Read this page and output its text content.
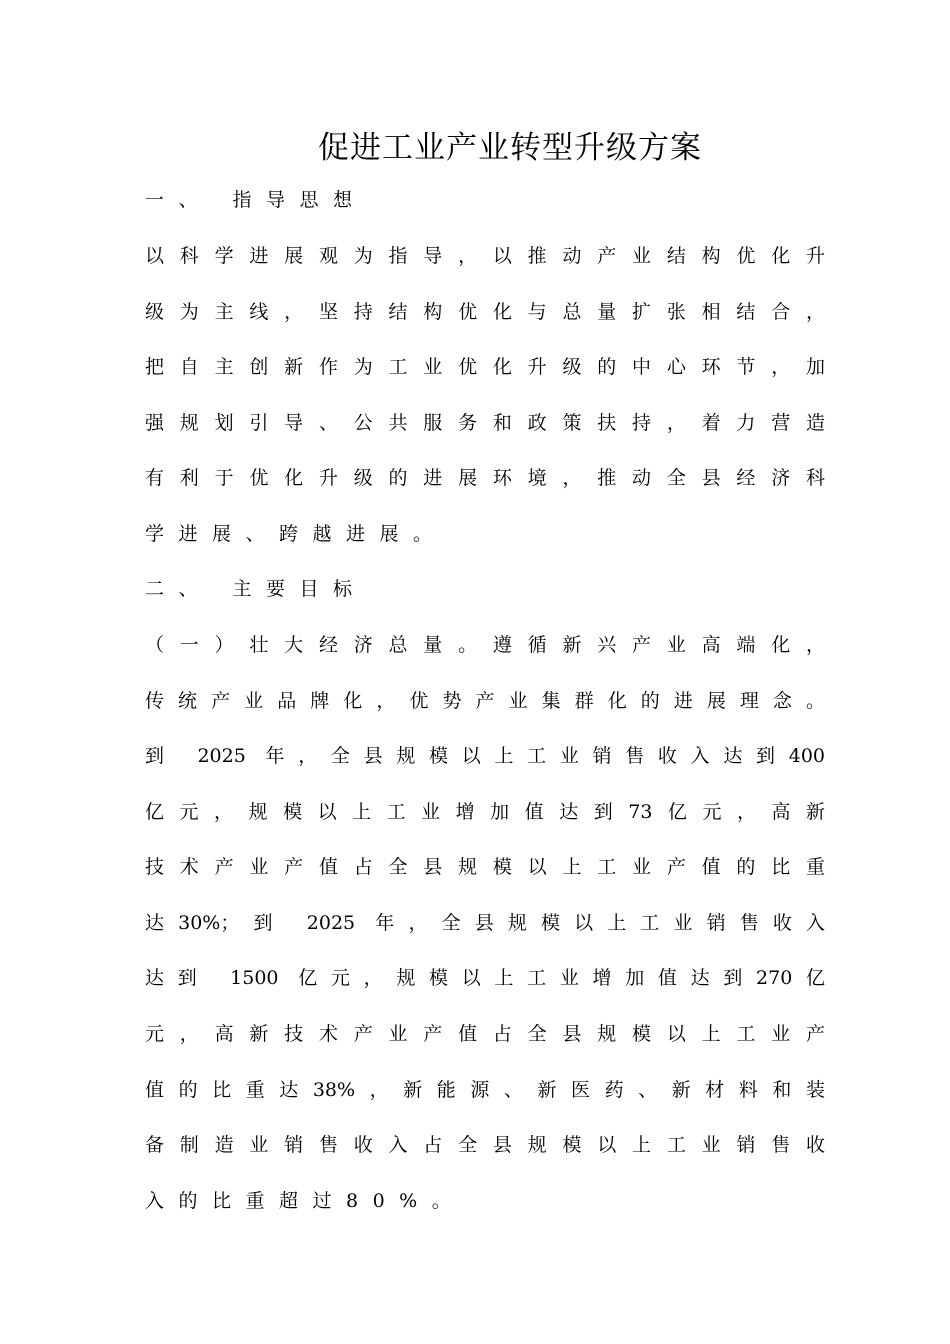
促进工业产业转型升级方案

一、 指导思想

以科学进展观为指导，以推动产业结构优化升

级为主线，坚持结构优化与总量扩张相结合，

把自主创新作为工业优化升级的中心环节，加

强规划引导、公共服务和政策扶持，着力营造

有利于优化升级的进展环境，推动全县经济科

学进展、跨越进展。

二、 主要目标

（一）壮大经济总量。遵循新兴产业高端化，

传统产业品牌化，优势产业集群化的进展理念。

到 2025 年，全县规模以上工业销售收入达到400

亿元，规模以上工业增加值达到73亿元，高新

技术产业产值占全县规模以上工业产值的比重

达30%；到 2025 年，全县规模以上工业销售收入

达到 1500 亿元，规模以上工业增加值达到270亿

元，高新技术产业产值占全县规模以上工业产

值的比重达38%，新能源、新医药、新材料和装

备制造业销售收入占全县规模以上工业销售收

入的比重超过80%。
